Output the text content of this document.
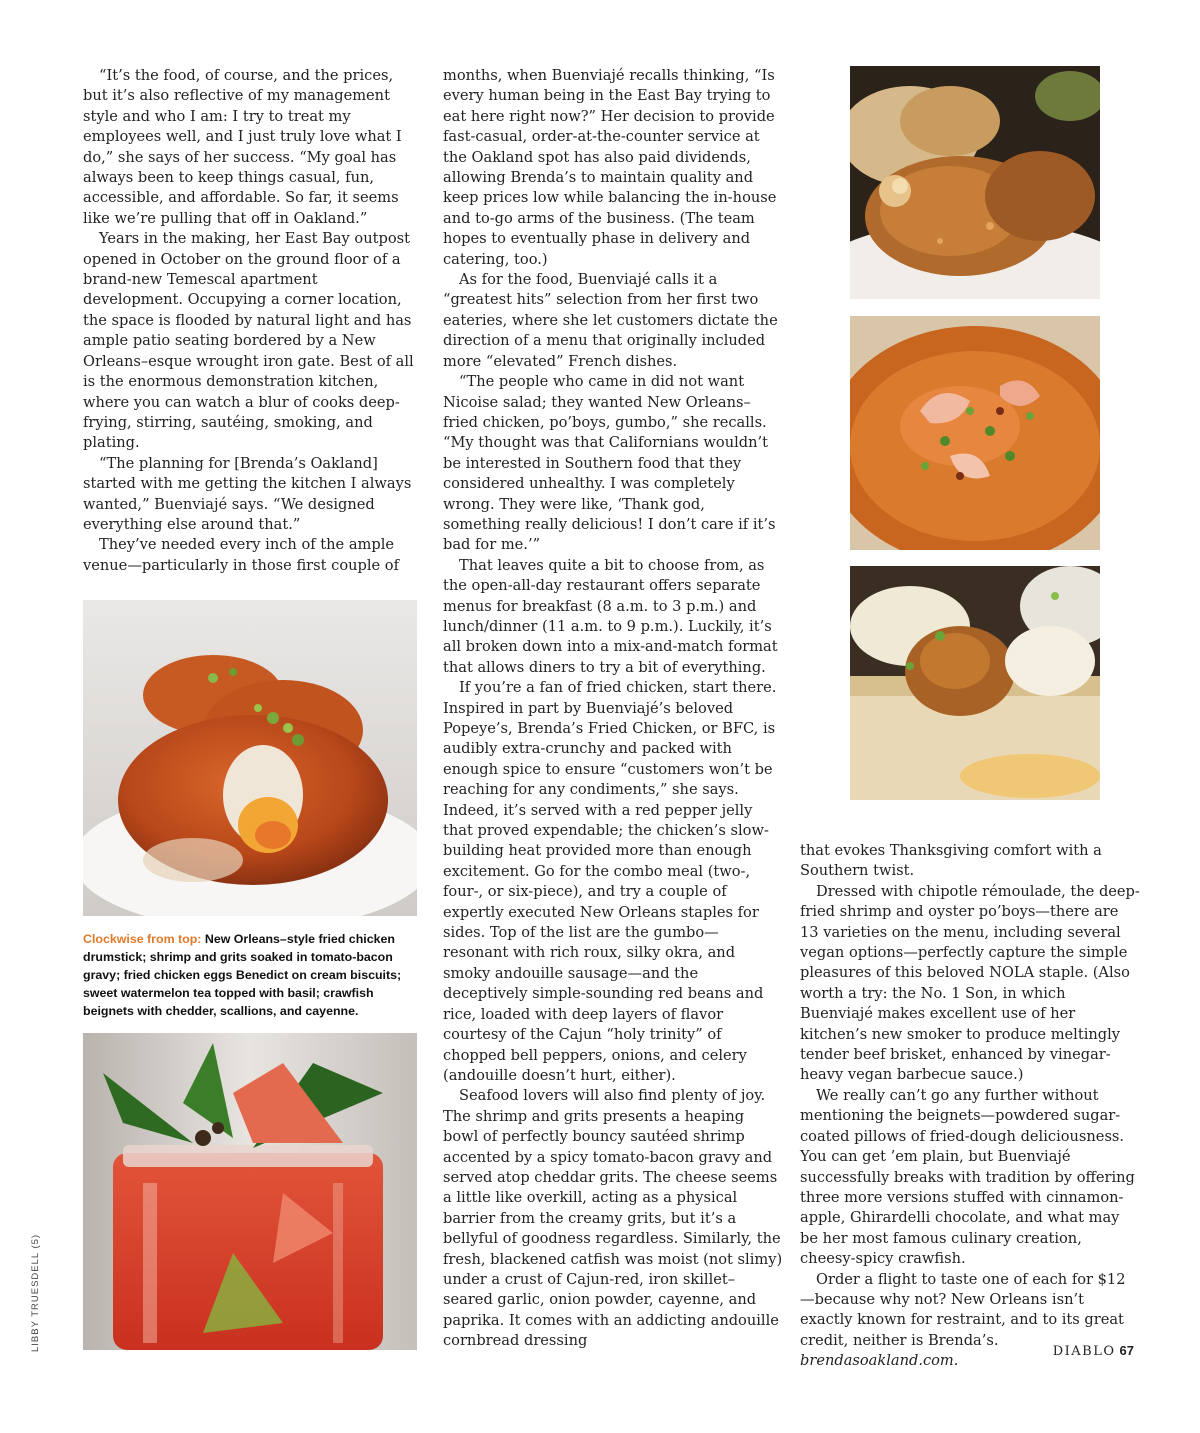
“It’s the food, of course, and the prices, but it’s also reflective of my management style and who I am: I try to treat my employees well, and I just truly love what I do,” she says of her success. “My goal has always been to keep things casual, fun, accessible, and affordable. So far, it seems like we’re pulling that off in Oakland.”

Years in the making, her East Bay outpost opened in October on the ground floor of a brand-new Temescal apartment development. Occupying a corner location, the space is flooded by natural light and has ample patio seating bordered by a New Orleans–esque wrought iron gate. Best of all is the enormous demonstration kitchen, where you can watch a blur of cooks deep-frying, stirring, sautéing, smoking, and plating.

“The planning for [Brenda’s Oakland] started with me getting the kitchen I always wanted,” Buenviajé says. “We designed everything else around that.”

They’ve needed every inch of the ample venue—particularly in those first couple of

months, when Buenviajé recalls thinking, “Is every human being in the East Bay trying to eat here right now?” Her decision to provide fast-casual, order-at-the-counter service at the Oakland spot has also paid dividends, allowing Brenda’s to maintain quality and keep prices low while balancing the in-house and to-go arms of the business. (The team hopes to eventually phase in delivery and catering, too.)

As for the food, Buenviajé calls it a “greatest hits” selection from her first two eateries, where she let customers dictate the direction of a menu that originally included more “elevated” French dishes.

“The people who came in did not want Nicoise salad; they wanted New Orleans–fried chicken, po’boys, gumbo,” she recalls. “My thought was that Californians wouldn’t be interested in Southern food that they considered unhealthy. I was completely wrong. They were like, ‘Thank god, something really delicious! I don’t care if it’s bad for me.’”

That leaves quite a bit to choose from, as the open-all-day restaurant offers separate menus for breakfast (8 a.m. to 3 p.m.) and lunch/dinner (11 a.m. to 9 p.m.). Luckily, it’s all broken down into a mix-and-match format that allows diners to try a bit of everything.

If you’re a fan of fried chicken, start there. Inspired in part by Buenviajé’s beloved Popeye’s, Brenda’s Fried Chicken, or BFC, is audibly extra-crunchy and packed with enough spice to ensure “customers won’t be reaching for any condiments,” she says. Indeed, it’s served with a red pepper jelly that proved expendable; the chicken’s slow-building heat provided more than enough excitement. Go for the combo meal (two-, four-, or six-piece), and try a couple of expertly executed New Orleans staples for sides. Top of the list are the gumbo—resonant with rich roux, silky okra, and smoky andouille sausage—and the deceptively simple-sounding red beans and rice, loaded with deep layers of flavor courtesy of the Cajun “holy trinity” of chopped bell peppers, onions, and celery (andouille doesn’t hurt, either).

Seafood lovers will also find plenty of joy. The shrimp and grits presents a heaping bowl of perfectly bouncy sautéed shrimp accented by a spicy tomato-bacon gravy and served atop cheddar grits. The cheese seems a little like overkill, acting as a physical barrier from the creamy grits, but it’s a bellyful of goodness regardless. Similarly, the fresh, blackened catfish was moist (not slimy) under a crust of Cajun-red, iron skillet–seared garlic, onion powder, cayenne, and paprika. It comes with an addicting andouille cornbread dressing

that evokes Thanksgiving comfort with a Southern twist.

Dressed with chipotle rémoulade, the deep-fried shrimp and oyster po’boys—there are 13 varieties on the menu, including several vegan options—perfectly capture the simple pleasures of this beloved NOLA staple. (Also worth a try: the No. 1 Son, in which Buenviajé makes excellent use of her kitchen’s new smoker to produce meltingly tender beef brisket, enhanced by vinegar-heavy vegan barbecue sauce.)

We really can’t go any further without mentioning the beignets—powdered sugar-coated pillows of fried-dough deliciousness. You can get ’em plain, but Buenviajé successfully breaks with tradition by offering three more versions stuffed with cinnamon-apple, Ghirardelli chocolate, and what may be her most famous culinary creation, cheesy-spicy crawfish.

Order a flight to taste one of each for $12—because why not? New Orleans isn’t exactly known for restraint, and to its great credit, neither is Brenda’s. brendasoakland.com.

Clockwise from top: New Orleans–style fried chicken drumstick; shrimp and grits soaked in tomato-bacon gravy; fried chicken eggs Benedict on cream biscuits; sweet watermelon tea topped with basil; crawfish beignets with chedder, scallions, and cayenne.
LIBBY TRUESDELL (5)	DIABLO 67
